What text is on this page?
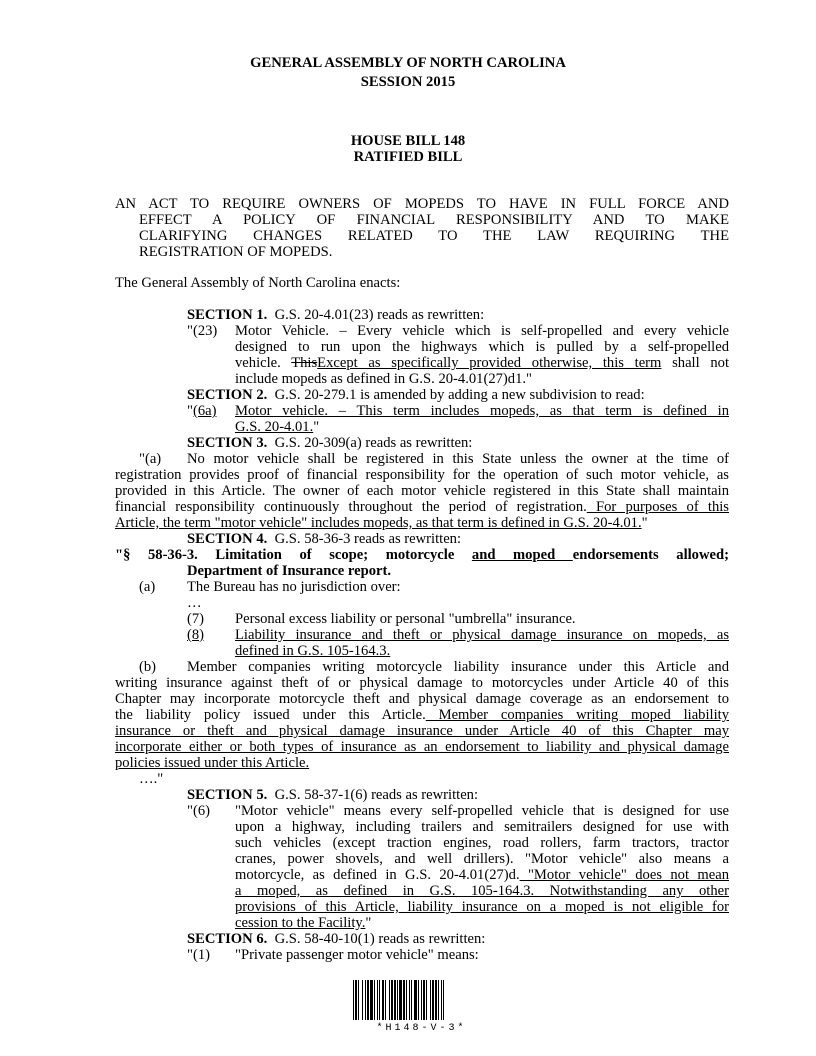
GENERAL ASSEMBLY OF NORTH CAROLINA
SESSION 2015
HOUSE BILL 148
RATIFIED BILL
AN ACT TO REQUIRE OWNERS OF MOPEDS TO HAVE IN FULL FORCE AND
EFFECT A POLICY OF FINANCIAL RESPONSIBILITY AND TO MAKE
CLARIFYING CHANGES RELATED TO THE LAW REQUIRING THE
REGISTRATION OF MOPEDS.
The General Assembly of North Carolina enacts:
SECTION 1. G.S. 20-4.01(23) reads as rewritten:
"(23) Motor Vehicle. – Every vehicle which is self-propelled and every vehicle
designed to run upon the highways which is pulled by a self-propelled
vehicle. ThisExcept as specifically provided otherwise, this term shall not
include mopeds as defined in G.S. 20-4.01(27)d1."
SECTION 2. G.S. 20-279.1 is amended by adding a new subdivision to read:
"(6a) Motor vehicle. – This term includes mopeds, as that term is defined in
G.S. 20-4.01."
SECTION 3. G.S. 20-309(a) reads as rewritten:
"(a) No motor vehicle shall be registered in this State unless the owner at the time of
registration provides proof of financial responsibility for the operation of such motor vehicle, as
provided in this Article. The owner of each motor vehicle registered in this State shall maintain
financial responsibility continuously throughout the period of registration. For purposes of this
Article, the term "motor vehicle" includes mopeds, as that term is defined in G.S. 20-4.01."
SECTION 4. G.S. 58-36-3 reads as rewritten:
"§ 58-36-3. Limitation of scope; motorcycle and moped endorsements allowed;
Department of Insurance report.
(a) The Bureau has no jurisdiction over:
…
(7) Personal excess liability or personal "umbrella" insurance.
(8) Liability insurance and theft or physical damage insurance on mopeds, as
defined in G.S. 105-164.3.
(b) Member companies writing motorcycle liability insurance under this Article and
writing insurance against theft of or physical damage to motorcycles under Article 40 of this
Chapter may incorporate motorcycle theft and physical damage coverage as an endorsement to
the liability policy issued under this Article. Member companies writing moped liability
insurance or theft and physical damage insurance under Article 40 of this Chapter may
incorporate either or both types of insurance as an endorsement to liability and physical damage
policies issued under this Article.
…."
SECTION 5. G.S. 58-37-1(6) reads as rewritten:
"(6) "Motor vehicle" means every self-propelled vehicle that is designed for use
upon a highway, including trailers and semitrailers designed for use with
such vehicles (except traction engines, road rollers, farm tractors, tractor
cranes, power shovels, and well drillers). "Motor vehicle" also means a
motorcycle, as defined in G.S. 20-4.01(27)d. "Motor vehicle" does not mean
a moped, as defined in G.S. 105-164.3. Notwithstanding any other
provisions of this Article, liability insurance on a moped is not eligible for
cession to the Facility."
SECTION 6. G.S. 58-40-10(1) reads as rewritten:
"(1) "Private passenger motor vehicle" means:
*H148-V-3*
